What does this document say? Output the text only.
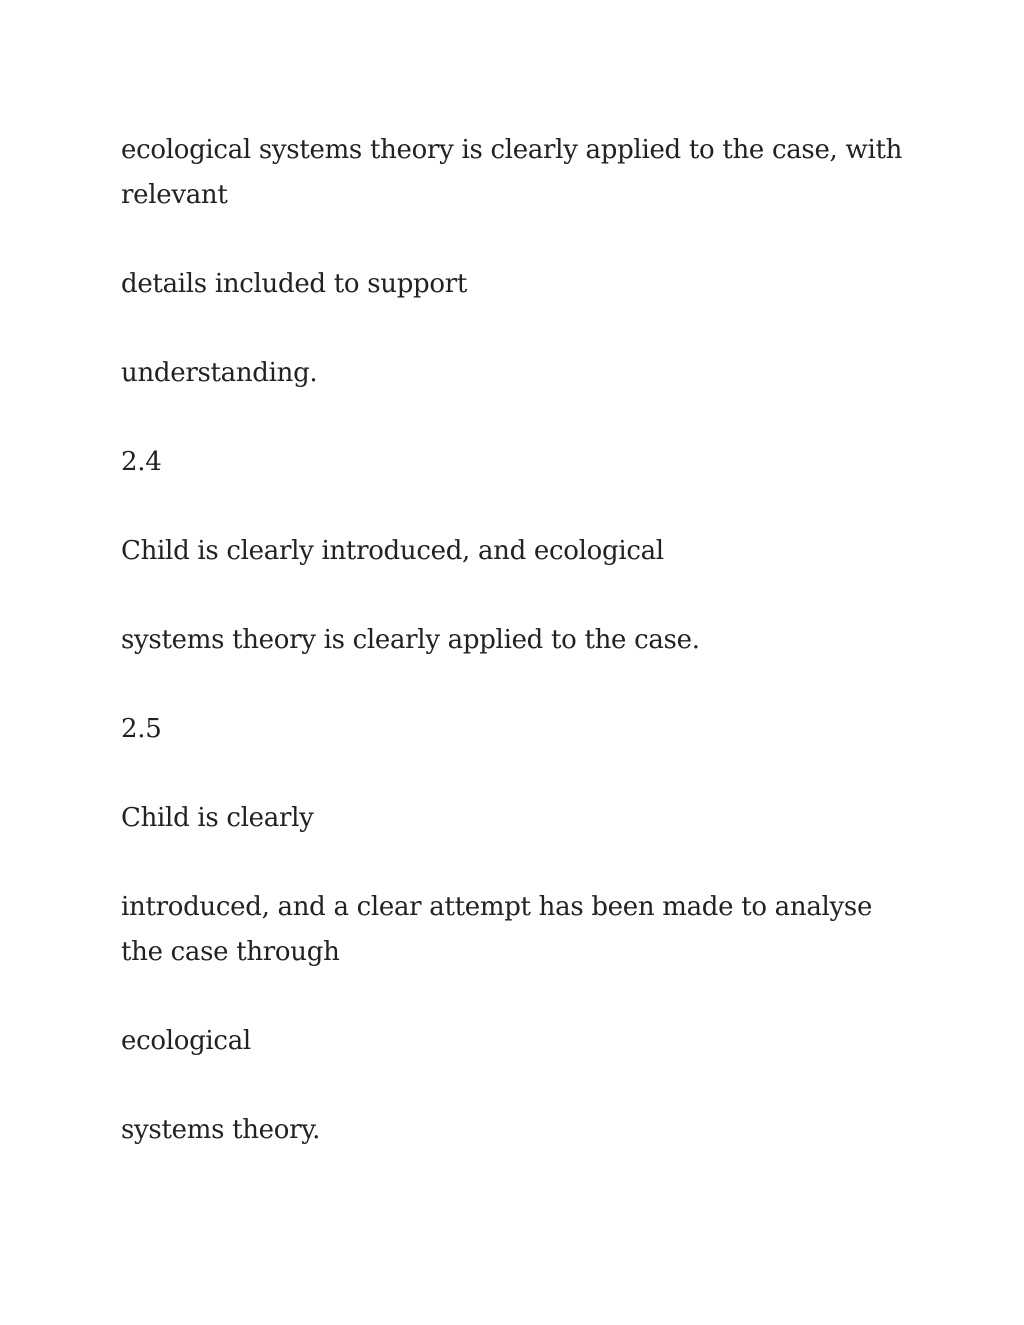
ecological systems theory is clearly applied to the case, with relevant

details included to support

understanding.

2.4

Child is clearly introduced, and ecological

systems theory is clearly applied to the case.

2.5

Child is clearly

introduced, and a clear attempt has been made to analyse the case through

ecological

systems theory.
